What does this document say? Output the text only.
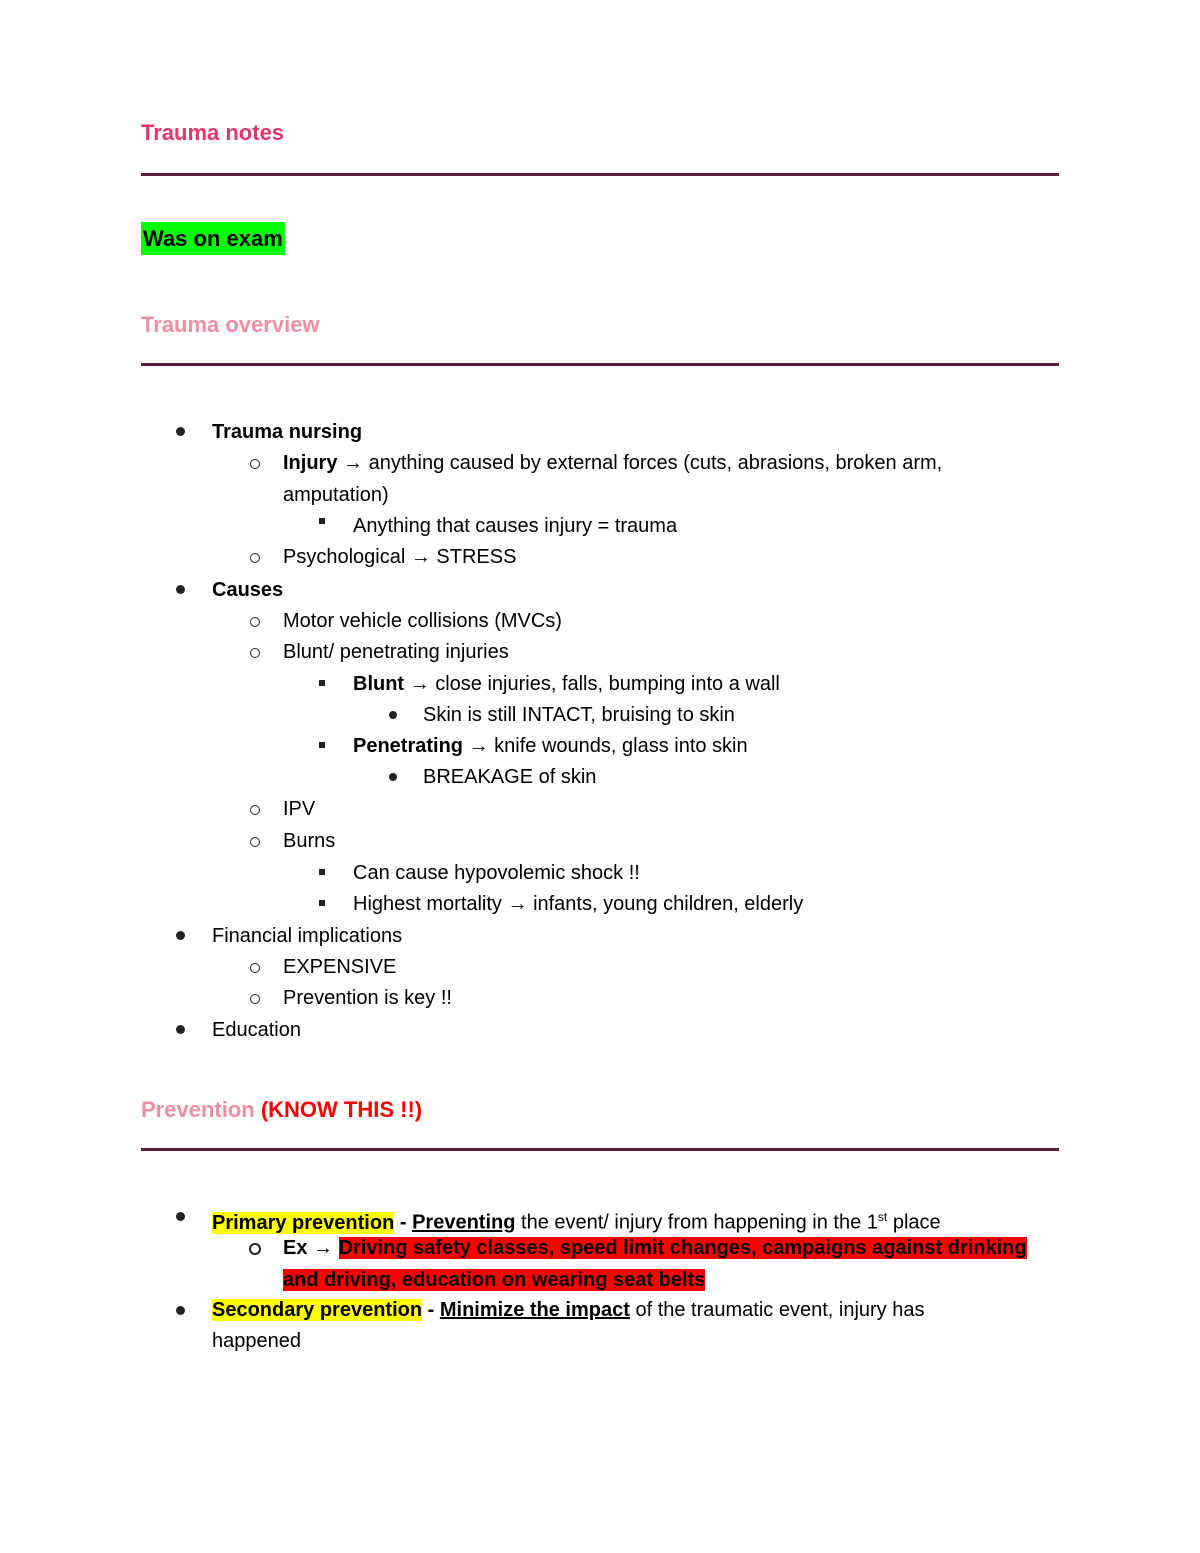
Trauma notes
Was on exam
Trauma overview
Trauma nursing
Injury → anything caused by external forces (cuts, abrasions, broken arm,
amputation)
Anything that causes injury = trauma
Psychological → STRESS
Causes
Motor vehicle collisions (MVCs)
Blunt/ penetrating injuries
Blunt → close injuries, falls, bumping into a wall
Skin is still INTACT, bruising to skin
Penetrating → knife wounds, glass into skin
BREAKAGE of skin
IPV
Burns
Can cause hypovolemic shock !!
Highest mortality → infants, young children, elderly
Financial implications
EXPENSIVE
Prevention is key !!
Education
Prevention (KNOW THIS !!)
Primary prevention - Preventing the event/ injury from happening in the 1st place
Ex → Driving safety classes, speed limit changes, campaigns against drinking
and driving, education on wearing seat belts
Secondary prevention - Minimize the impact of the traumatic event, injury has
happened
